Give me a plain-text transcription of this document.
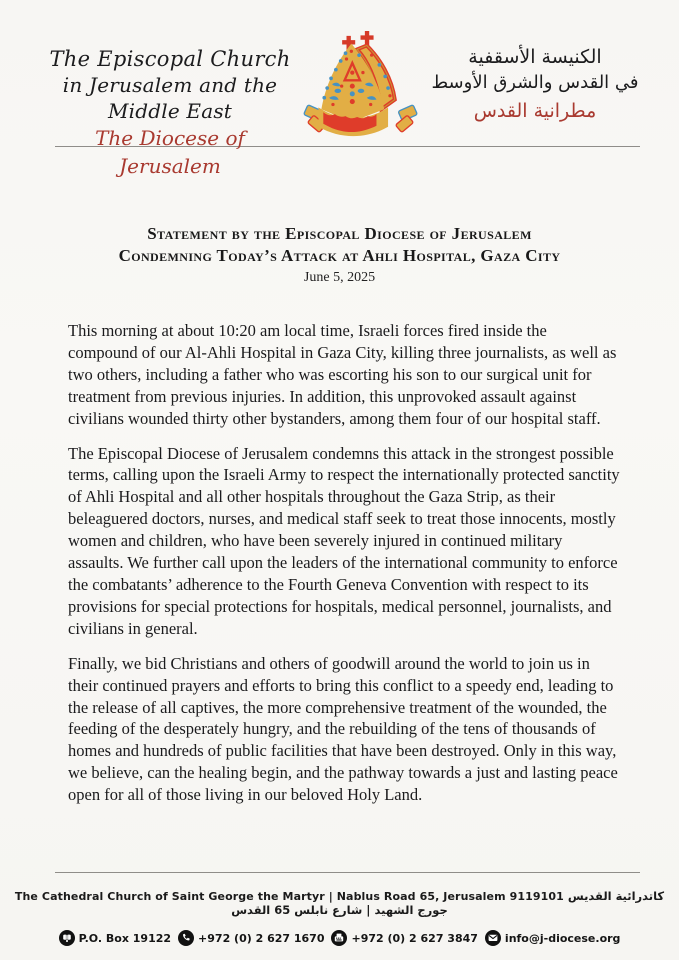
The Episcopal Church
in Jerusalem and the Middle East
The Diocese of Jerusalem
الكنيسة الأسقفية
في القدس والشرق الأوسط
مطرانية القدس
Statement by the Episcopal Diocese of Jerusalem
Condemning Today’s Attack at Ahli Hospital, Gaza City
June 5, 2025

This morning at about 10:20 am local time, Israeli forces fired inside the compound of our Al-Ahli Hospital in Gaza City, killing three journalists, as well as two others, including a father who was escorting his son to our surgical unit for treatment from previous injuries. In addition, this unprovoked assault against civilians wounded thirty other bystanders, among them four of our hospital staff.

The Episcopal Diocese of Jerusalem condemns this attack in the strongest possible terms, calling upon the Israeli Army to respect the internationally protected sanctity of Ahli Hospital and all other hospitals throughout the Gaza Strip, as their beleaguered doctors, nurses, and medical staff seek to treat those innocents, mostly women and children, who have been severely injured in continued military assaults. We further call upon the leaders of the international community to enforce the combatants’ adherence to the Fourth Geneva Convention with respect to its provisions for special protections for hospitals, medical personnel, journalists, and civilians in general.

Finally, we bid Christians and others of goodwill around the world to join us in their continued prayers and efforts to bring this conflict to a speedy end, leading to the release of all captives, the more comprehensive treatment of the wounded, the feeding of the desperately hungry, and the rebuilding of the tens of thousands of homes and hundreds of public facilities that have been destroyed. Only in this way, we believe, can the healing begin, and the pathway towards a just and lasting peace open for all of those living in our beloved Holy Land.

The Cathedral Church of Saint George the Martyr | Nablus Road 65, Jerusalem 9119101 كاتدرائية القديس جورج الشهيد | شارع نابلس 65 القدس
P.O. Box 19122 +972 (0) 2 627 1670 +972 (0) 2 627 3847 info@j-diocese.org
